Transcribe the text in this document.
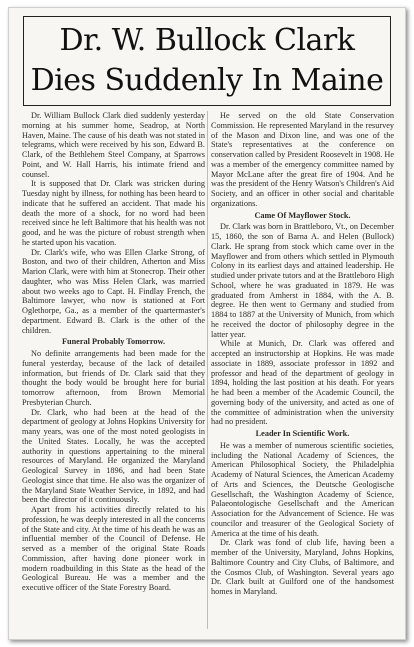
Dr. W. Bullock Clark
Dies Suddenly In Maine

Dr. William Bullock Clark died suddenly yesterday morning at his summer home, Seadrop, at North Haven, Maine. The cause of his death was not stated in telegrams, which were received by his son, Edward B. Clark, of the Bethlehem Steel Company, at Sparrows Point, and W. Hall Harris, his intimate friend and counsel.

It is supposed that Dr. Clark was stricken during Tuesday night by illness, for nothing has been heard to indicate that he suffered an accident. That made his death the more of a shock, for no word had been received since he left Baltimore that his health was not good, and he was the picture of robust strength when he started upon his vacation.

Dr. Clark's wife, who was Ellen Clarke Strong, of Boston, and two of their children, Atherton and Miss Marion Clark, were with him at Stonecrop. Their other daughter, who was Miss Helen Clark, was married about two weeks ago to Capt. H. Findlay French, the Baltimore lawyer, who now is stationed at Fort Oglethorpe, Ga., as a member of the quartermaster's department. Edward B. Clark is the other of the children.

Funeral Probably Tomorrow.

No definite arrangements had been made for the funeral yesterday, because of the lack of detailed information, but friends of Dr. Clark said that they thought the body would be brought here for burial tomorrow afternoon, from Brown Memorial Presbyterian Church.

Dr. Clark, who had been at the head of the department of geology at Johns Hopkins University for many years, was one of the most noted geologists in the United States. Locally, he was the accepted authority in questions appertaining to the mineral resources of Maryland. He organized the Maryland Geological Survey in 1896, and had been State Geologist since that time. He also was the organizer of the Maryland State Weather Service, in 1892, and had been the director of it continuously.

Apart from his activities directly related to his profession, he was deeply interested in all the concerns of the State and city. At the time of his death he was an influential member of the Council of Defense. He served as a member of the original State Roads Commission, after having done pioneer work in modern roadbuilding in this State as the head of the Geological Bureau. He was a member and the executive officer of the State Forestry Board.

He served on the old State Conservation Commission. He represented Maryland in the resurvey of the Mason and Dixon line, and was one of the State's representatives at the conference on conservation called by President Roosevelt in 1908. He was a member of the emergency committee named by Mayor McLane after the great fire of 1904. And he was the president of the Henry Watson's Children's Aid Society, and an officer in other social and charitable organizations.

Came Of Mayflower Stock.

Dr. Clark was born in Brattleboro, Vt., on December 15, 1860, the son of Barna A. and Helen (Bullock) Clark. He sprang from stock which came over in the Mayflower and from others which settled in Plymouth Colony in its earliest days and attained leadership. He studied under private tutors and at the Brattleboro High School, where he was graduated in 1879. He was graduated from Amherst in 1884, with the A. B. degree. He then went to Germany and studied from 1884 to 1887 at the University of Munich, from which he received the doctor of philosophy degree in the latter year.

While at Munich, Dr. Clark was offered and accepted an instructorship at Hopkins. He was made associate in 1889, associate professor in 1892 and professor and head of the department of geology in 1894, holding the last position at his death. For years he had been a member of the Academic Council, the governing body of the university, and acted as one of the committee of administration when the university had no president.

Leader In Scientific Work.

He was a member of numerous scientific societies, including the National Academy of Sciences, the American Philosophical Society, the Philadelphia Academy of Natural Sciences, the American Academy of Arts and Sciences, the Deutsche Geologische Gesellschaft, the Washington Academy of Science, Palaeontologische Gesellschaft and the American Association for the Advancement of Science. He was councilor and treasurer of the Geological Society of America at the time of his death.

Dr. Clark was fond of club life, having been a member of the University, Maryland, Johns Hopkins, Baltimore Country and City Clubs, of Baltimore, and the Cosmos Club, of Washington. Several years ago Dr. Clark built at Guilford one of the handsomest homes in Maryland.
